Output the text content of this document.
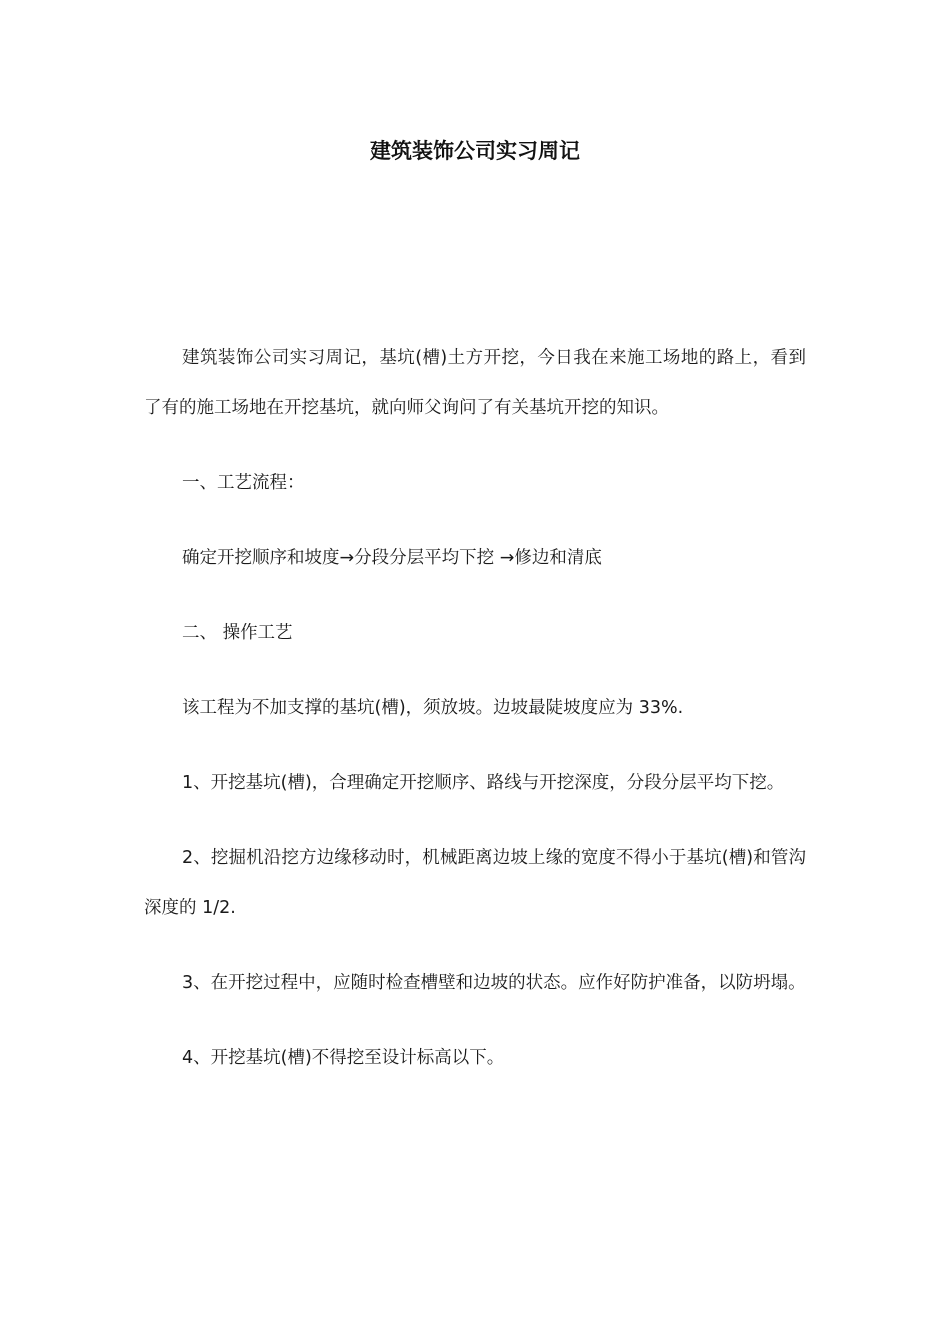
建筑装饰公司实习周记

建筑装饰公司实习周记，基坑(槽)土方开挖，今日我在来施工场地的路上，看到了有的施工场地在开挖基坑，就向师父询问了有关基坑开挖的知识。

一、工艺流程：

确定开挖顺序和坡度→分段分层平均下挖 →修边和清底

二、 操作工艺

该工程为不加支撑的基坑(槽)，须放坡。边坡最陡坡度应为 33%.

1、开挖基坑(槽)，合理确定开挖顺序、路线与开挖深度，分段分层平均下挖。

2、挖掘机沿挖方边缘移动时，机械距离边坡上缘的宽度不得小于基坑(槽)和管沟深度的 1/2.

3、在开挖过程中，应随时检查槽壁和边坡的状态。应作好防护准备，以防坍塌。

4、开挖基坑(槽)不得挖至设计标高以下。
